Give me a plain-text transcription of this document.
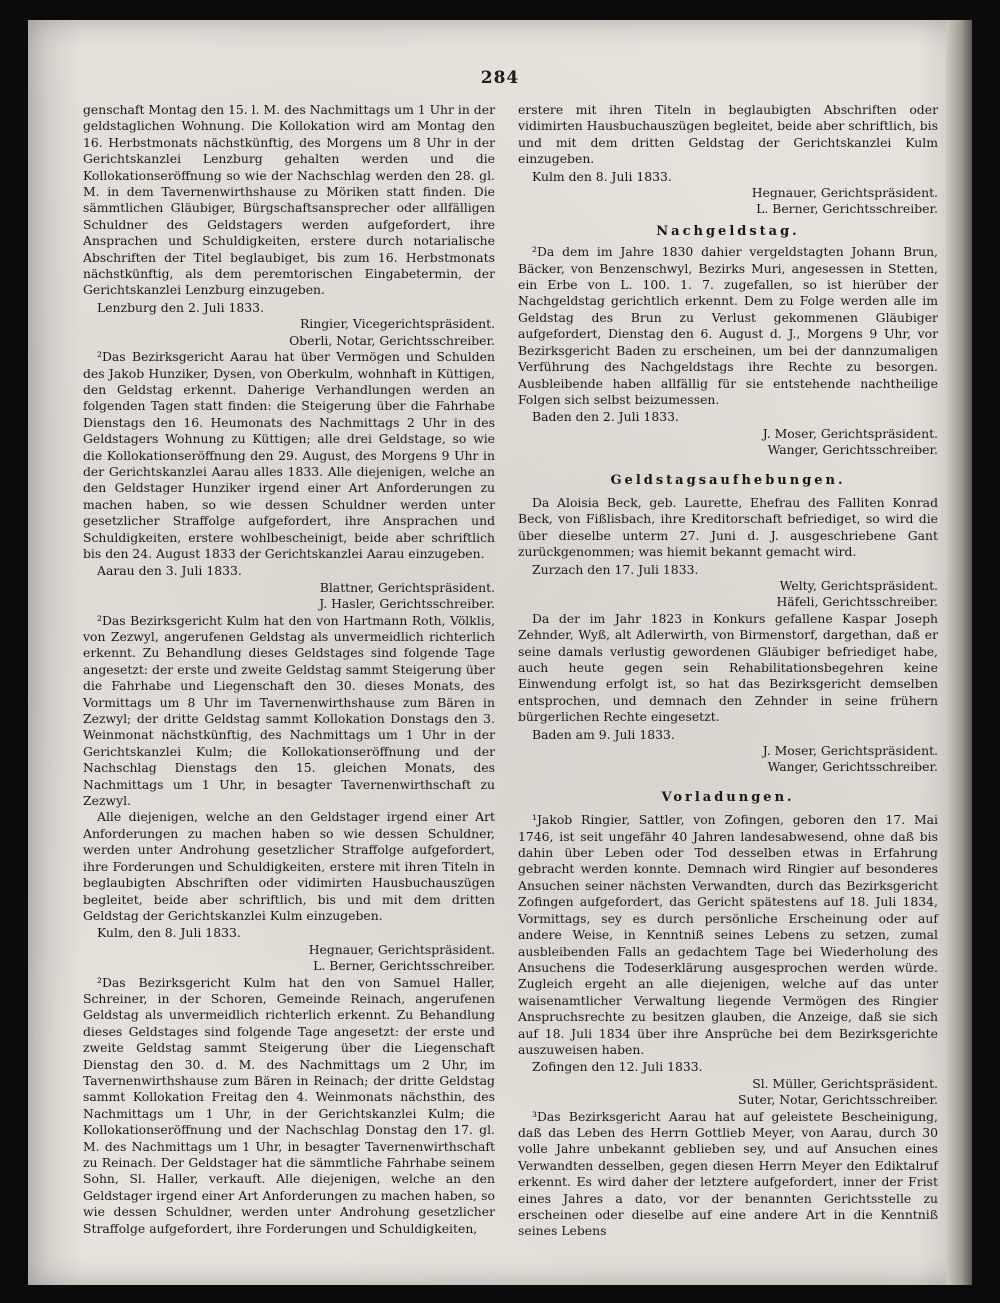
284

genschaft Montag den 15. l. M. des Nachmittags um 1 Uhr in der geldstaglichen Wohnung. Die Kollokation wird am Montag den 16. Herbstmonats nächstkünftig, des Morgens um 8 Uhr in der Gerichtskanzlei Lenzburg gehalten werden und die Kollokationseröffnung so wie der Nachschlag werden den 28. gl. M. in dem Tavernenwirthshause zu Möriken statt finden. Die sämmtlichen Gläubiger, Bürgschaftsansprecher oder allfälligen Schuldner des Geldstagers werden aufgefordert, ihre Ansprachen und Schuldigkeiten, erstere durch notarialische Abschriften der Titel beglaubiget, bis zum 16. Herbstmonats nächstkünftig, als dem peremtorischen Eingabetermin, der Gerichtskanzlei Lenzburg einzugeben.

Lenzburg den 2. Juli 1833.

Ringier, Vicegerichtspräsident.

Oberli, Notar, Gerichtsschreiber.

²Das Bezirksgericht Aarau hat über Vermögen und Schulden des Jakob Hunziker, Dysen, von Oberkulm, wohnhaft in Küttigen, den Geldstag erkennt. Daherige Verhandlungen werden an folgenden Tagen statt finden: die Steigerung über die Fahrhabe Dienstags den 16. Heumonats des Nachmittags 2 Uhr in des Geldstagers Wohnung zu Küttigen; alle drei Geldstage, so wie die Kollokationseröffnung den 29. August, des Morgens 9 Uhr in der Gerichtskanzlei Aarau alles 1833. Alle diejenigen, welche an den Geldstager Hunziker irgend einer Art Anforderungen zu machen haben, so wie dessen Schuldner werden unter gesetzlicher Straffolge aufgefordert, ihre Ansprachen und Schuldigkeiten, erstere wohlbescheinigt, beide aber schriftlich bis den 24. August 1833 der Gerichtskanzlei Aarau einzugeben.

Aarau den 3. Juli 1833.

Blattner, Gerichtspräsident.

J. Hasler, Gerichtsschreiber.

²Das Bezirksgericht Kulm hat den von Hartmann Roth, Völklis, von Zezwyl, angerufenen Geldstag als unvermeidlich richterlich erkennt. Zu Behandlung dieses Geldstages sind folgende Tage angesetzt: der erste und zweite Geldstag sammt Steigerung über die Fahrhabe und Liegenschaft den 30. dieses Monats, des Vormittags um 8 Uhr im Tavernenwirthshause zum Bären in Zezwyl; der dritte Geldstag sammt Kollokation Donstags den 3. Weinmonat nächstkünftig, des Nachmittags um 1 Uhr in der Gerichtskanzlei Kulm; die Kollokationseröffnung und der Nachschlag Dienstags den 15. gleichen Monats, des Nachmittags um 1 Uhr, in besagter Tavernenwirthschaft zu Zezwyl.

Alle diejenigen, welche an den Geldstager irgend einer Art Anforderungen zu machen haben so wie dessen Schuldner, werden unter Androhung gesetzlicher Straffolge aufgefordert, ihre Forderungen und Schuldigkeiten, erstere mit ihren Titeln in beglaubigten Abschriften oder vidimirten Hausbuchauszügen begleitet, beide aber schriftlich, bis und mit dem dritten Geldstag der Gerichtskanzlei Kulm einzugeben.

Kulm, den 8. Juli 1833.

Hegnauer, Gerichtspräsident.

L. Berner, Gerichtsschreiber.

²Das Bezirksgericht Kulm hat den von Samuel Haller, Schreiner, in der Schoren, Gemeinde Reinach, angerufenen Geldstag als unvermeidlich richterlich erkennt. Zu Behandlung dieses Geldstages sind folgende Tage angesetzt: der erste und zweite Geldstag sammt Steigerung über die Liegenschaft Dienstag den 30. d. M. des Nachmittags um 2 Uhr, im Tavernenwirthshause zum Bären in Reinach; der dritte Geldstag sammt Kollokation Freitag den 4. Weinmonats nächsthin, des Nachmittags um 1 Uhr, in der Gerichtskanzlei Kulm; die Kollokationseröffnung und der Nachschlag Donstag den 17. gl. M. des Nachmittags um 1 Uhr, in besagter Tavernenwirthschaft zu Reinach. Der Geldstager hat die sämmtliche Fahrhabe seinem Sohn, Sl. Haller, verkauft. Alle diejenigen, welche an den Geldstager irgend einer Art Anforderungen zu machen haben, so wie dessen Schuldner, werden unter Androhung gesetzlicher Straffolge aufgefordert, ihre Forderungen und Schuldigkeiten,

erstere mit ihren Titeln in beglaubigten Abschriften oder vidimirten Hausbuchauszügen begleitet, beide aber schriftlich, bis und mit dem dritten Geldstag der Gerichtskanzlei Kulm einzugeben.

Kulm den 8. Juli 1833.

Hegnauer, Gerichtspräsident.

L. Berner, Gerichtsschreiber.

Nachgeldstag.

²Da dem im Jahre 1830 dahier vergeldstagten Johann Brun, Bäcker, von Benzenschwyl, Bezirks Muri, angesessen in Stetten, ein Erbe von L. 100. 1. 7. zugefallen, so ist hierüber der Nachgeldstag gerichtlich erkennt. Dem zu Folge werden alle im Geldstag des Brun zu Verlust gekommenen Gläubiger aufgefordert, Dienstag den 6. August d. J., Morgens 9 Uhr, vor Bezirksgericht Baden zu erscheinen, um bei der dannzumaligen Verführung des Nachgeldstags ihre Rechte zu besorgen. Ausbleibende haben allfällig für sie entstehende nachtheilige Folgen sich selbst beizumessen.

Baden den 2. Juli 1833.

J. Moser, Gerichtspräsident.

Wanger, Gerichtsschreiber.

Geldstagsaufhebungen.

Da Aloisia Beck, geb. Laurette, Ehefrau des Falliten Konrad Beck, von Fißlisbach, ihre Kreditorschaft befriediget, so wird die über dieselbe unterm 27. Juni d. J. ausgeschriebene Gant zurückgenommen; was hiemit bekannt gemacht wird.

Zurzach den 17. Juli 1833.

Welty, Gerichtspräsident.

Häfeli, Gerichtsschreiber.

Da der im Jahr 1823 in Konkurs gefallene Kaspar Joseph Zehnder, Wyß, alt Adlerwirth, von Birmenstorf, dargethan, daß er seine damals verlustig gewordenen Gläubiger befriediget habe, auch heute gegen sein Rehabilitationsbegehren keine Einwendung erfolgt ist, so hat das Bezirksgericht demselben entsprochen, und demnach den Zehnder in seine frühern bürgerlichen Rechte eingesetzt.

Baden am 9. Juli 1833.

J. Moser, Gerichtspräsident.

Wanger, Gerichtsschreiber.

Vorladungen.

¹Jakob Ringier, Sattler, von Zofingen, geboren den 17. Mai 1746, ist seit ungefähr 40 Jahren landesabwesend, ohne daß bis dahin über Leben oder Tod desselben etwas in Erfahrung gebracht werden konnte. Demnach wird Ringier auf besonderes Ansuchen seiner nächsten Verwandten, durch das Bezirksgericht Zofingen aufgefordert, das Gericht spätestens auf 18. Juli 1834, Vormittags, sey es durch persönliche Erscheinung oder auf andere Weise, in Kenntniß seines Lebens zu setzen, zumal ausbleibenden Falls an gedachtem Tage bei Wiederholung des Ansuchens die Todeserklärung ausgesprochen werden würde. Zugleich ergeht an alle diejenigen, welche auf das unter waisenamtlicher Verwaltung liegende Vermögen des Ringier Anspruchsrechte zu besitzen glauben, die Anzeige, daß sie sich auf 18. Juli 1834 über ihre Ansprüche bei dem Bezirksgerichte auszuweisen haben.

Zofingen den 12. Juli 1833.

Sl. Müller, Gerichtspräsident.

Suter, Notar, Gerichtsschreiber.

³Das Bezirksgericht Aarau hat auf geleistete Bescheinigung, daß das Leben des Herrn Gottlieb Meyer, von Aarau, durch 30 volle Jahre unbekannt geblieben sey, und auf Ansuchen eines Verwandten desselben, gegen diesen Herrn Meyer den Ediktalruf erkennt. Es wird daher der letztere aufgefordert, inner der Frist eines Jahres a dato, vor der benannten Gerichtsstelle zu erscheinen oder dieselbe auf eine andere Art in die Kenntniß seines Lebens
